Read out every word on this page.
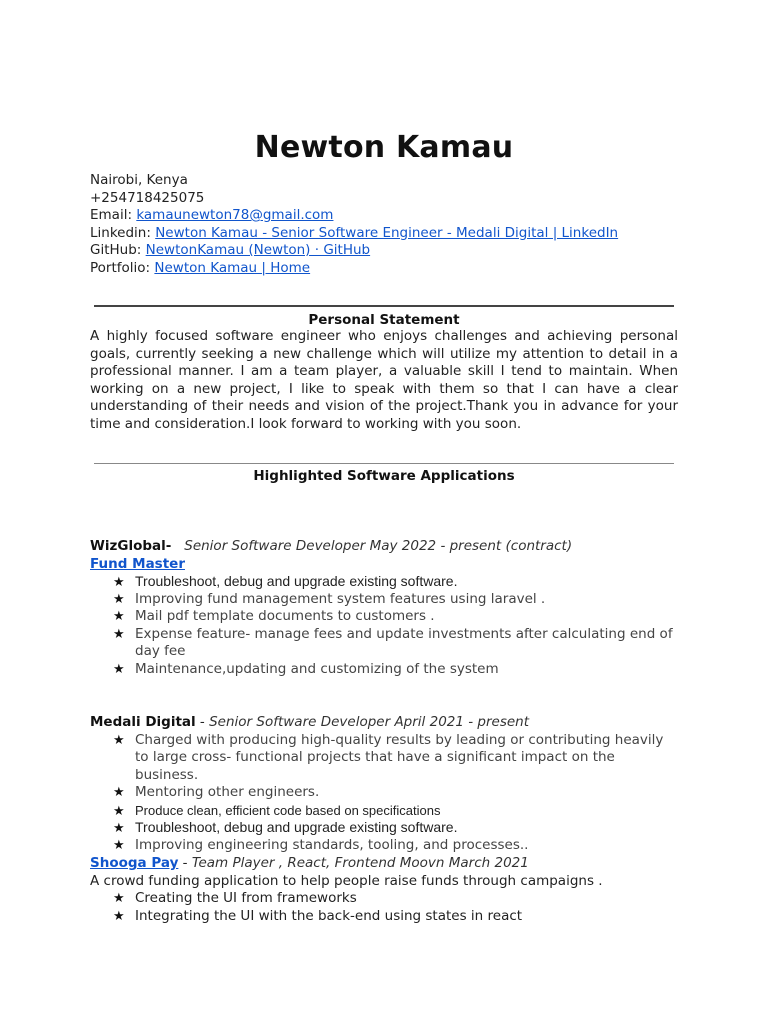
Newton Kamau
Nairobi, Kenya
+254718425075
Email: kamaunewton78@gmail.com
Linkedin: Newton Kamau - Senior Software Engineer - Medali Digital | LinkedIn
GitHub: NewtonKamau (Newton) · GitHub
Portfolio: Newton Kamau | Home
Personal Statement
A highly focused software engineer who enjoys challenges and achieving personal goals, currently seeking a new challenge which will utilize my attention to detail in a professional manner. I am a team player, a valuable skill I tend to maintain. When working on a new project, I like to speak with them so that I can have a clear understanding of their needs and vision of the project.Thank you in advance for your time and consideration.I look forward to working with you soon.
Highlighted Software Applications
WizGlobal- Senior Software Developer May 2022 - present (contract)
Fund Master
★ Troubleshoot, debug and upgrade existing software.
★ Improving fund management system features using laravel .
★ Mail pdf template documents to customers .
★ Expense feature- manage fees and update investments after calculating end of day fee
★ Maintenance,updating and customizing of the system
Medali Digital - Senior Software Developer April 2021 - present
★ Charged with producing high-quality results by leading or contributing heavily to large cross- functional projects that have a significant impact on the business.
★ Mentoring other engineers.
★ Produce clean, efficient code based on specifications
★ Troubleshoot, debug and upgrade existing software.
★ Improving engineering standards, tooling, and processes..
Shooga Pay - Team Player , React, Frontend Moovn March 2021
A crowd funding application to help people raise funds through campaigns .
★ Creating the UI from frameworks
★ Integrating the UI with the back-end using states in react
